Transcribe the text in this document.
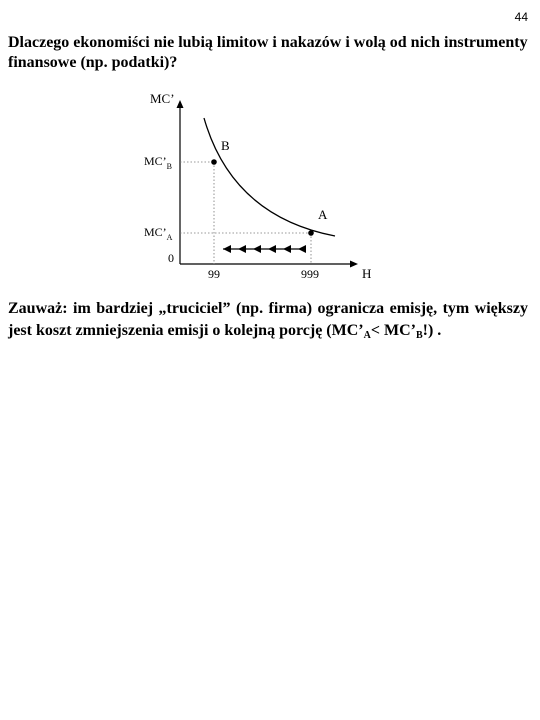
44

Dlaczego ekonomiści nie lubią limitow i nakazów i wolą od nich instrumenty finansowe (np. podatki)?

B
A
MC’
H
0
$MC’_B$
$MC’_A$
99	999

Zauważ: im bardziej „truciciel” (np. firma) ogranicza emisję, tym większy jest koszt zmniejszenia emisji o kolejną porcję ($MC’_A<$ $MC’_B$!) .
